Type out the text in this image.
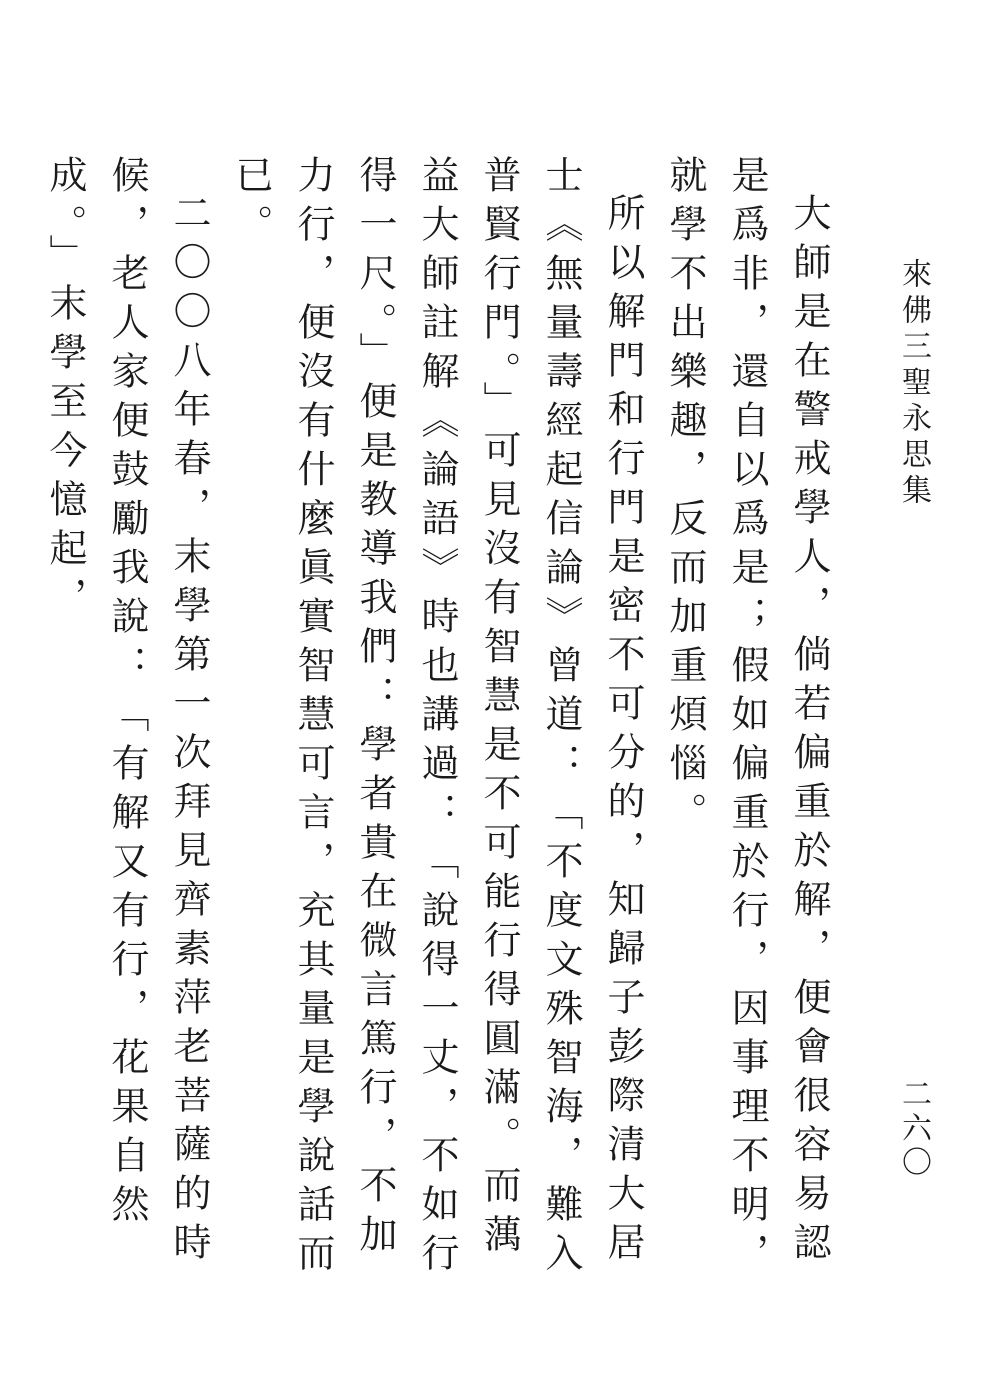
來佛三聖永思集
二六〇

大師是在警戒學人，倘若偏重於解，便會很容易認是爲非，還自以爲是；假如偏重於行，因事理不明，就學不出樂趣，反而加重煩惱。

所以解門和行門是密不可分的，知歸子彭際清大居士《無量壽經起信論》曾道：「不度文殊智海，難入普賢行門。」可見沒有智慧是不可能行得圓滿。而蕅益大師註解《論語》時也講過：「說得一丈，不如行得一尺。」便是教導我們：學者貴在微言篤行，不加力行，便沒有什麼眞實智慧可言，充其量是學說話而已。

二〇〇八年春，末學第一次拜見齊素萍老菩薩的時候，老人家便鼓勵我說：「有解又有行，花果自然成。」末學至今憶起，
